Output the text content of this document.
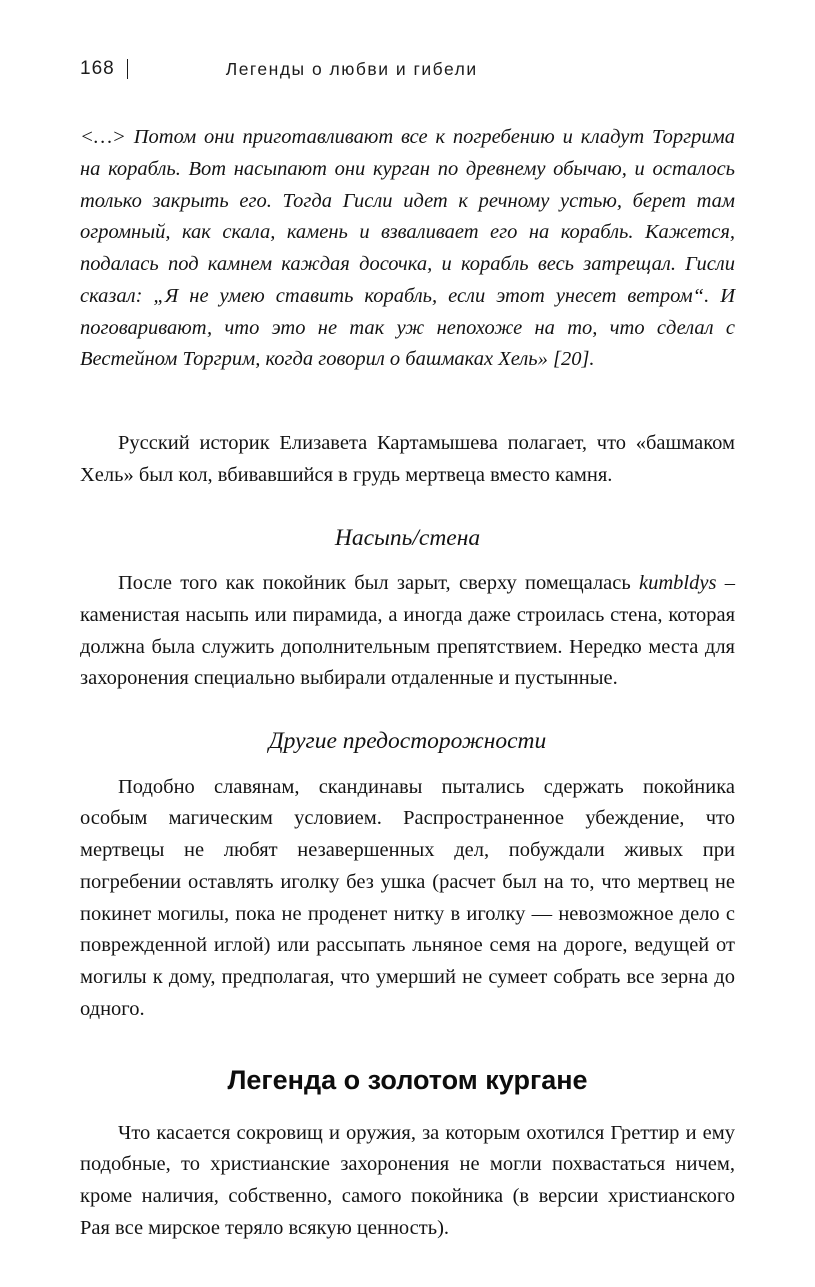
168	Легенды о любви и гибели
<…> Потом они приготавливают все к погребению и кладут Торгрима на корабль. Вот насыпают они курган по древнему обычаю, и осталось только закрыть его. Тогда Гисли идет к речному устью, берет там огромный, как скала, камень и взваливает его на корабль. Кажется, подалась под камнем каждая досочка, и корабль весь затрещал. Гисли сказал: „Я не умею ставить корабль, если этот унесет ветром“. И поговаривают, что это не так уж непохоже на то, что сделал с Вестейном Торгрим, когда говорил о башмаках Хель» [20].
Русский историк Елизавета Картамышева полагает, что «башмаком Хель» был кол, вбивавшийся в грудь мертвеца вместо камня.
Насыпь/стена
После того как покойник был зарыт, сверху помещалась kumbldys – каменистая насыпь или пирамида, а иногда даже строилась стена, которая должна была служить дополнительным препятствием. Нередко места для захоронения специально выбирали отдаленные и пустынные.
Другие предосторожности
Подобно славянам, скандинавы пытались сдержать покойника особым магическим условием. Распространенное убеждение, что мертвецы не любят незавершенных дел, побуждали живых при погребении оставлять иголку без ушка (расчет был на то, что мертвец не покинет могилы, пока не проденет нитку в иголку — невозможное дело с поврежденной иглой) или рассыпать льняное семя на дороге, ведущей от могилы к дому, предполагая, что умерший не сумеет собрать все зерна до одного.
Легенда о золотом кургане
Что касается сокровищ и оружия, за которым охотился Греттир и ему подобные, то христианские захоронения не могли похвастаться ничем, кроме наличия, собственно, самого покойника (в версии христианского Рая все мирское теряло всякую ценность).
